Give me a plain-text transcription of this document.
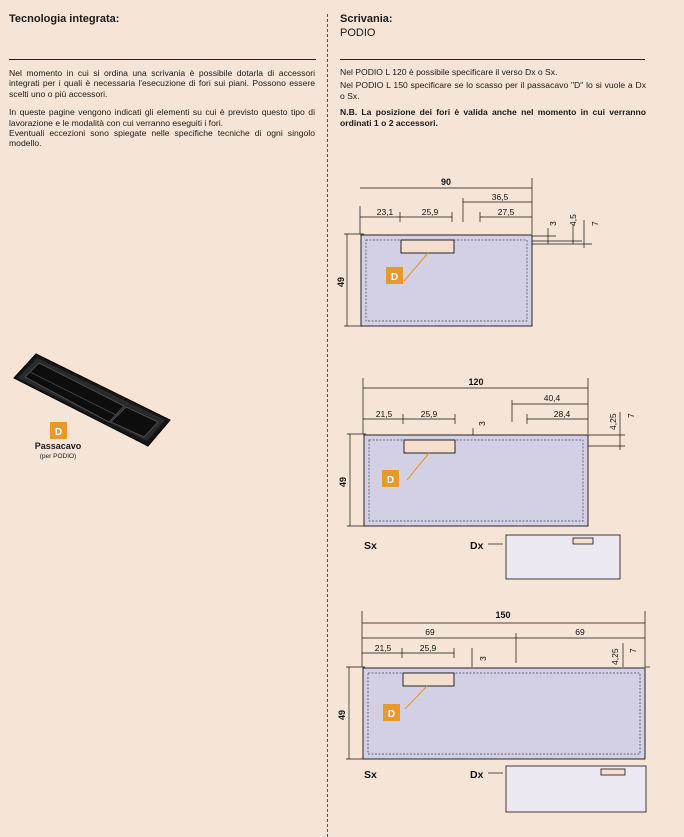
Tecnologia integrata:

Nel momento in cui si ordina una scrivania è possibile dotarla di accessori integrati per i quali è necessaria l'esecuzione di fori sui piani. Possono essere scelti uno o più accessori.

In queste pagine vengono indicati gli elementi su cui è previsto questo tipo di lavorazione e le modalità con cui verranno eseguiti i fori.

Eventuali eccezioni sono spiegate nelle specifiche tecniche di ogni singolo modello.

D
Passacavo
(per PODIO)
Scrivania:
PODIO

Nel PODIO L 120 è possibile specificare il verso Dx o Sx.

Nel PODIO L 150 specificare se lo scasso per il passacavo "D" lo si vuole a Dx o Sx.

N.B. La posizione dei fori è valida anche nel momento in cui verranno ordinati 1 o 2 accessori.

90
36,5
23,1	25,9	27,5
3 4,5 7
49	D
120
40,4
21,5	25,9	28,4
3	4,25 7
49	D
Sx	Dx
150
69	69
21,5	25,9
3	4,25 7
49	D
Sx	Dx
